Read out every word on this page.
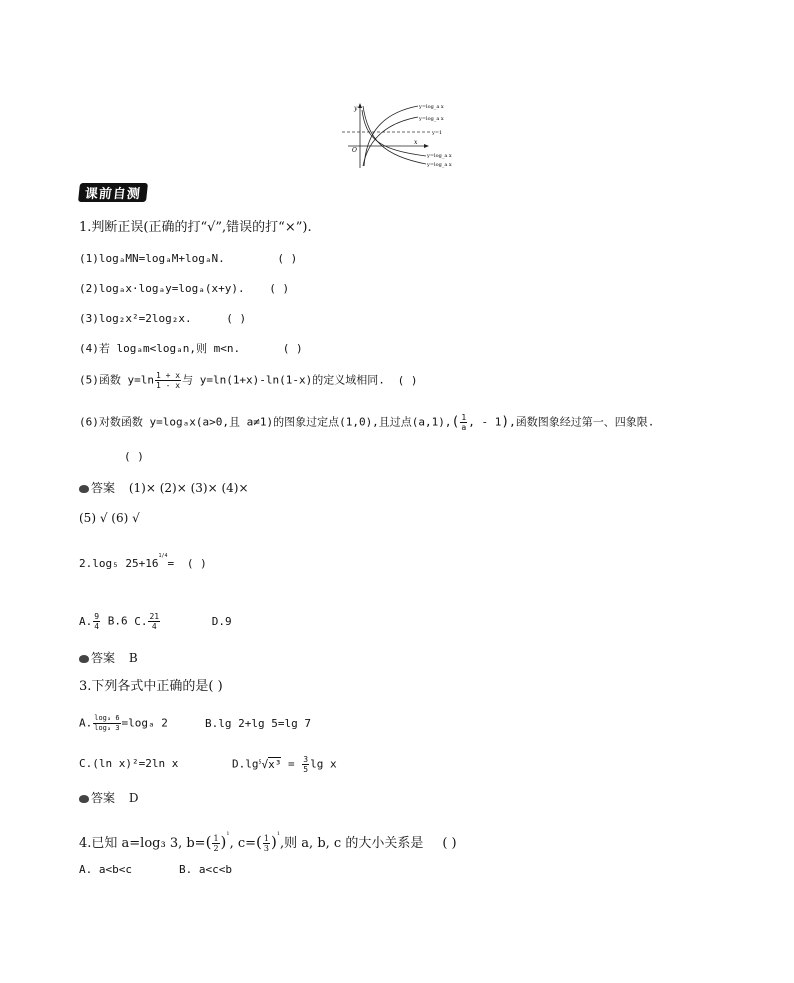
y
x
O
y=log_a x
y=log_a x
y=1
y=log_a x
y=log_a x
课前自测
1.判断正误(正确的打“√”,错误的打“×”).
(1)logₐMN=logₐM+logₐN.	( )
(2)logₐx·logₐy=logₐ(x+y). ( )
(3)log₂x²=2log₂x.	( )
(4)若 logₐm<logₐn,则 m<n.	( )
(5)函数 $y=\ln \frac{1 + x}{1 - x}$ 与 y=ln(1+x)-ln(1-x)的定义域相同. ( )
(6)对数函数 y=logₐx(a>0,且 a≠1)的图象过定点(1,0),且过点$(a,1),( \frac{1}{a}$ , - 1),函数图象经过第一、四象限.
( )
答案 (1)× (2)× (3)× (4)×
(5) √ (6) √
2.log₅ $25+16^{1/4}=$ ( )
A. $\frac{9}{4} B.6$ C. $\frac{21}{4}$	D.9
答案 B
3.下列各式中正确的是( )
A. $\frac{\text{logₐ 6}}{\text{logₐ 3}} =\log_a$ 2	B.lg 2+lg 5=lg 7
C.(ln x)²=2ln x	$D.\lg^5√x^3 = \frac{3}{5}$ lg x
答案 D
4.已知 a=log₃ 3, $b=( \frac{1}{2} )^1$, $c=( \frac{1}{3} )^1$,则 a, b, c 的大小关系是 ( )
A. a<b<c	B. a<c<b
